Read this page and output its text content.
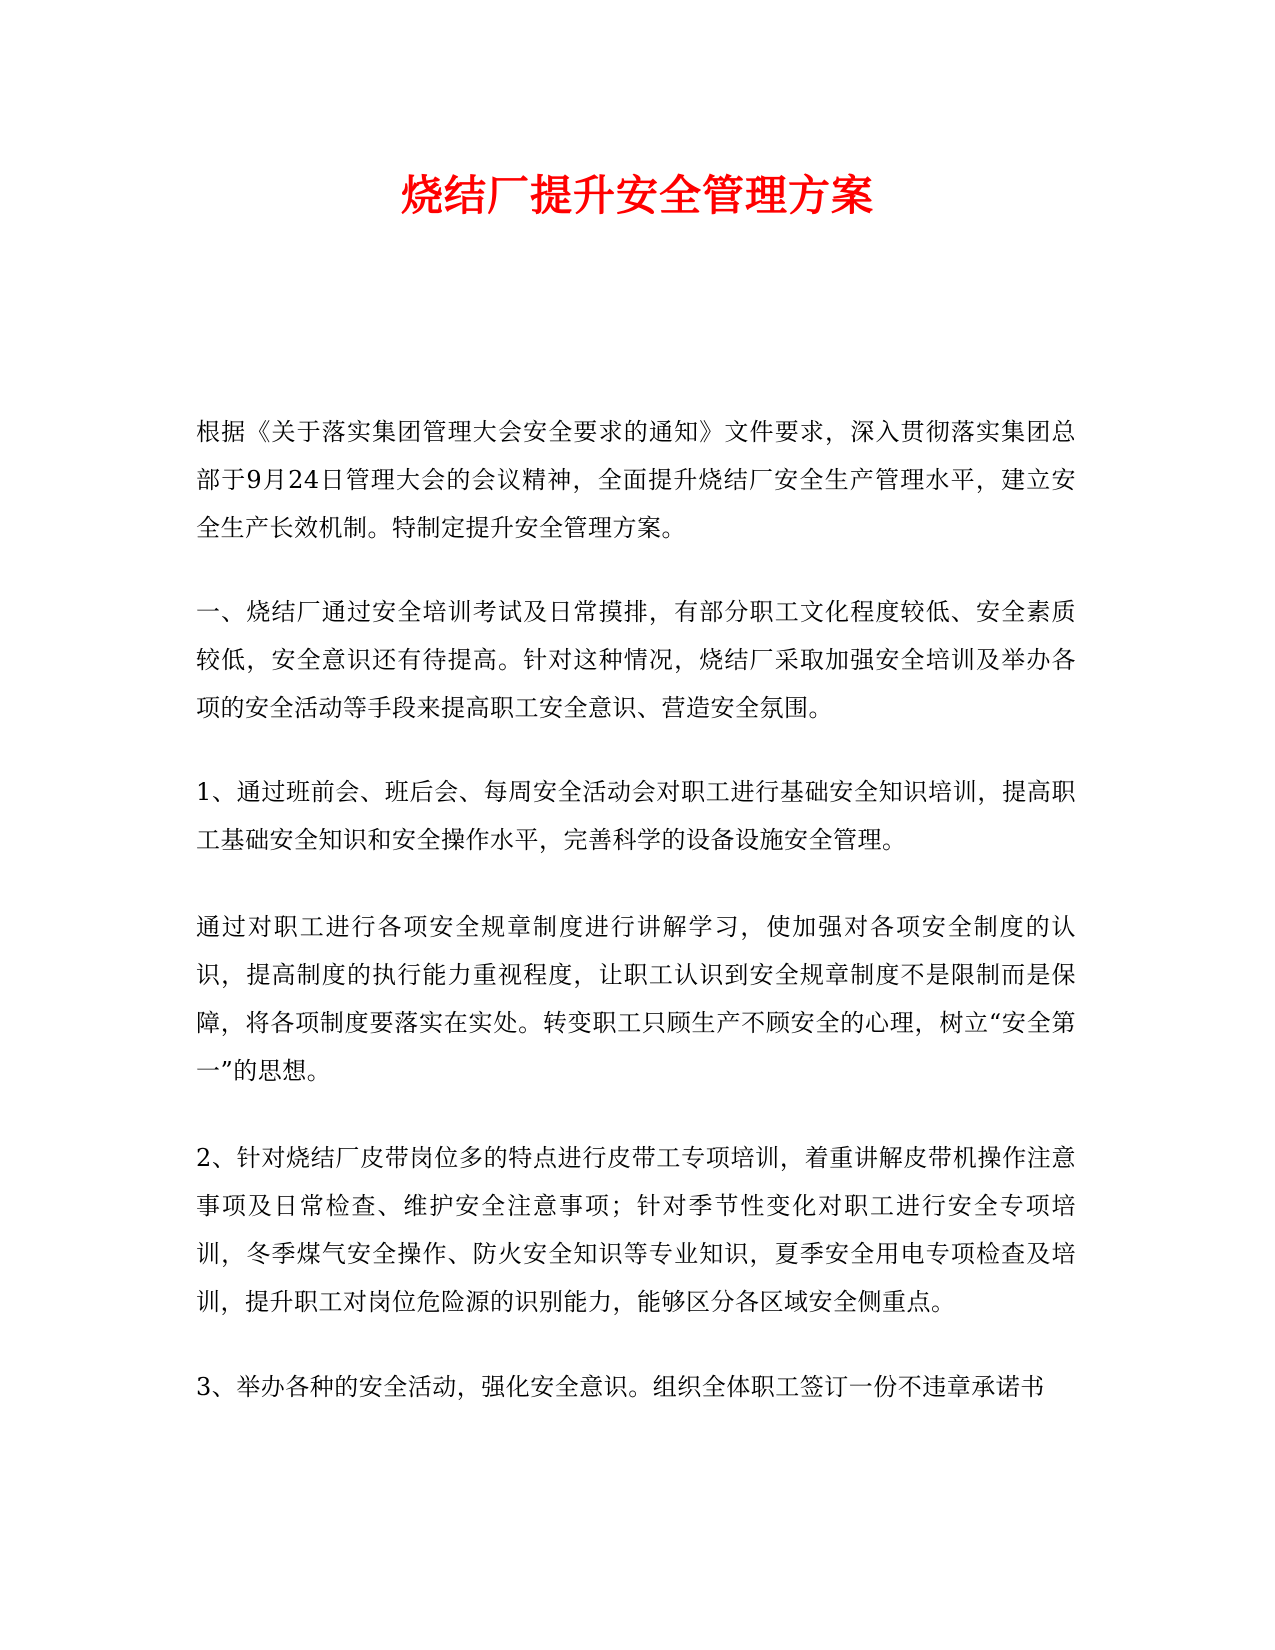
烧结厂提升安全管理方案

根据《关于落实集团管理大会安全要求的通知》文件要求，深入贯彻落实集团总部于9月24日管理大会的会议精神，全面提升烧结厂安全生产管理水平，建立安全生产长效机制。特制定提升安全管理方案。

一、烧结厂通过安全培训考试及日常摸排，有部分职工文化程度较低、安全素质较低，安全意识还有待提高。针对这种情况，烧结厂采取加强安全培训及举办各项的安全活动等手段来提高职工安全意识、营造安全氛围。

1、通过班前会、班后会、每周安全活动会对职工进行基础安全知识培训，提高职工基础安全知识和安全操作水平，完善科学的设备设施安全管理。

通过对职工进行各项安全规章制度进行讲解学习，使加强对各项安全制度的认识，提高制度的执行能力重视程度，让职工认识到安全规章制度不是限制而是保障，将各项制度要落实在实处。转变职工只顾生产不顾安全的心理，树立“安全第一”的思想。

2、针对烧结厂皮带岗位多的特点进行皮带工专项培训，着重讲解皮带机操作注意事项及日常检查、维护安全注意事项；针对季节性变化对职工进行安全专项培训，冬季煤气安全操作、防火安全知识等专业知识，夏季安全用电专项检查及培训，提升职工对岗位危险源的识别能力，能够区分各区域安全侧重点。

3、举办各种的安全活动，强化安全意识。组织全体职工签订一份不违章承诺书
